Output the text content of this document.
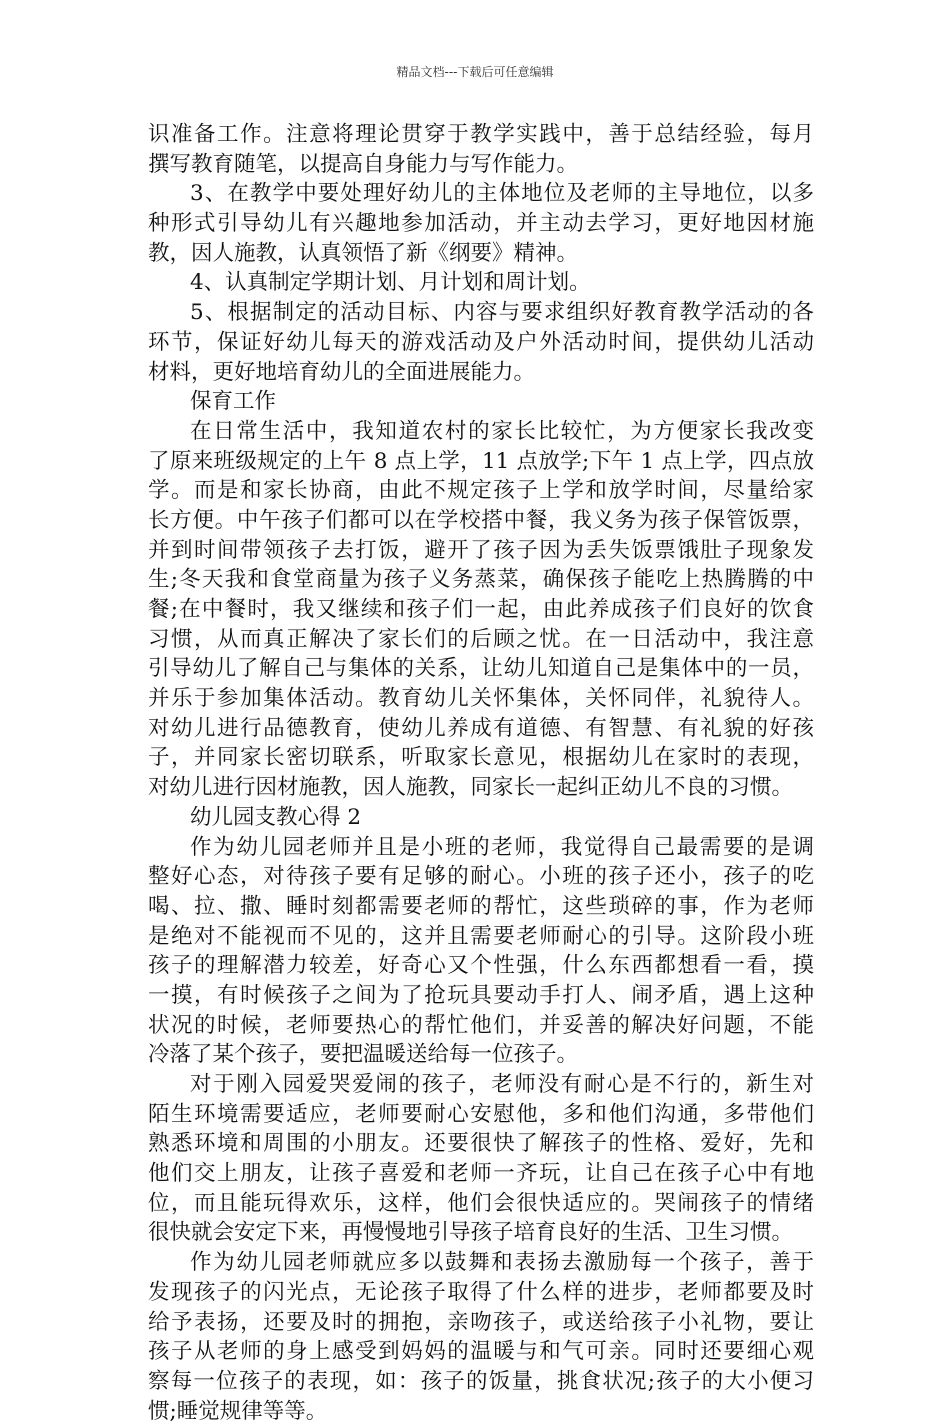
精品文档---下载后可任意编辑
识准备工作。注意将理论贯穿于教学实践中，善于总结经验，每月
撰写教育随笔，以提高自身能力与写作能力。
3、在教学中要处理好幼儿的主体地位及老师的主导地位，以多
种形式引导幼儿有兴趣地参加活动，并主动去学习，更好地因材施
教，因人施教，认真领悟了新《纲要》精神。
4、认真制定学期计划、月计划和周计划。
5、根据制定的活动目标、内容与要求组织好教育教学活动的各
环节，保证好幼儿每天的游戏活动及户外活动时间，提供幼儿活动
材料，更好地培育幼儿的全面进展能力。
保育工作
在日常生活中，我知道农村的家长比较忙，为方便家长我改变
了原来班级规定的上午 8 点上学，11 点放学;下午 1 点上学，四点放
学。而是和家长协商，由此不规定孩子上学和放学时间，尽量给家
长方便。中午孩子们都可以在学校搭中餐，我义务为孩子保管饭票，
并到时间带领孩子去打饭，避开了孩子因为丢失饭票饿肚子现象发
生;冬天我和食堂商量为孩子义务蒸菜，确保孩子能吃上热腾腾的中
餐;在中餐时，我又继续和孩子们一起，由此养成孩子们良好的饮食
习惯，从而真正解决了家长们的后顾之忧。在一日活动中，我注意
引导幼儿了解自己与集体的关系，让幼儿知道自己是集体中的一员，
并乐于参加集体活动。教育幼儿关怀集体，关怀同伴，礼貌待人。
对幼儿进行品德教育，使幼儿养成有道德、有智慧、有礼貌的好孩
子，并同家长密切联系，听取家长意见，根据幼儿在家时的表现，
对幼儿进行因材施教，因人施教，同家长一起纠正幼儿不良的习惯。
幼儿园支教心得 2
作为幼儿园老师并且是小班的老师，我觉得自己最需要的是调
整好心态，对待孩子要有足够的耐心。小班的孩子还小，孩子的吃
喝、拉、撒、睡时刻都需要老师的帮忙，这些琐碎的事，作为老师
是绝对不能视而不见的，这并且需要老师耐心的引导。这阶段小班
孩子的理解潜力较差，好奇心又个性强，什么东西都想看一看，摸
一摸，有时候孩子之间为了抢玩具要动手打人、闹矛盾，遇上这种
状况的时候，老师要热心的帮忙他们，并妥善的解决好问题，不能
冷落了某个孩子，要把温暖送给每一位孩子。
对于刚入园爱哭爱闹的孩子，老师没有耐心是不行的，新生对
陌生环境需要适应，老师要耐心安慰他，多和他们沟通，多带他们
熟悉环境和周围的小朋友。还要很快了解孩子的性格、爱好，先和
他们交上朋友，让孩子喜爱和老师一齐玩，让自己在孩子心中有地
位，而且能玩得欢乐，这样，他们会很快适应的。哭闹孩子的情绪
很快就会安定下来，再慢慢地引导孩子培育良好的生活、卫生习惯。
作为幼儿园老师就应多以鼓舞和表扬去激励每一个孩子，善于
发现孩子的闪光点，无论孩子取得了什么样的进步，老师都要及时
给予表扬，还要及时的拥抱，亲吻孩子，或送给孩子小礼物，要让
孩子从老师的身上感受到妈妈的温暖与和气可亲。同时还要细心观
察每一位孩子的表现，如：孩子的饭量，挑食状况;孩子的大小便习
惯;睡觉规律等等。
